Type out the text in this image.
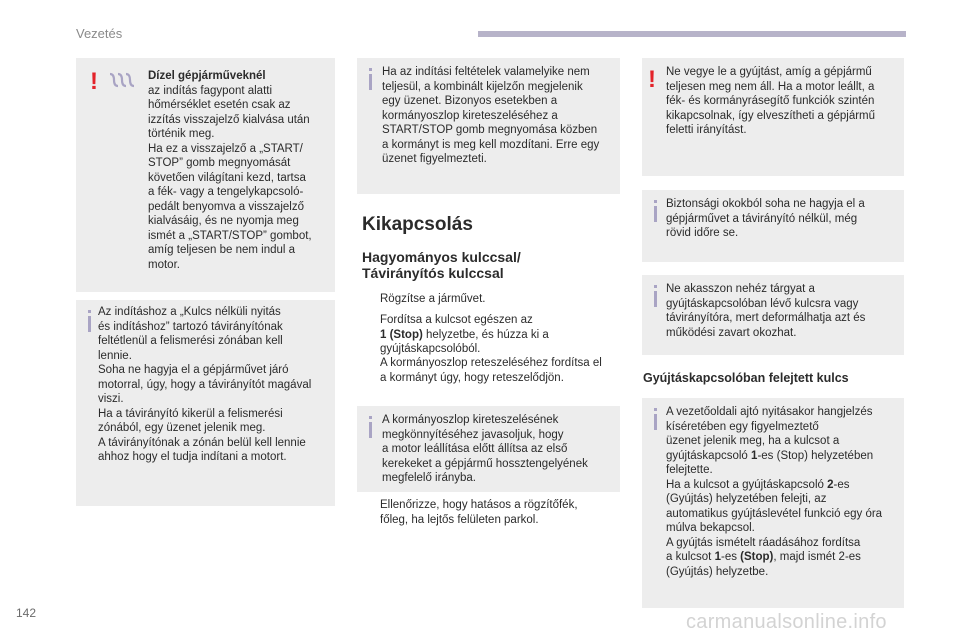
Vezetés
!	Dízel gépjárműveknél
az indítás fagypont alatti
hőmérséklet esetén csak az
izzítás visszajelző kialvása után
történik meg.
Ha ez a visszajelző a „START/
STOP” gomb megnyomását
követően világítani kezd, tartsa
a fék- vagy a tengelykapcsoló-
pedált benyomva a visszajelző
kialvásáig, és ne nyomja meg
ismét a „START/STOP” gombot,
amíg teljesen be nem indul a
motor.
Az indításhoz a „Kulcs nélküli nyitás
és indításhoz” tartozó távirányítónak
feltétlenül a felismerési zónában kell
lennie.
Soha ne hagyja el a gépjárművet járó
motorral, úgy, hogy a távirányítót magával
viszi.
Ha a távirányító kikerül a felismerési
zónából, egy üzenet jelenik meg.
A távirányítónak a zónán belül kell lennie
ahhoz hogy el tudja indítani a motort.
Ha az indítási feltételek valamelyike nem
teljesül, a kombinált kijelzőn megjelenik
egy üzenet. Bizonyos esetekben a
kormányoszlop kireteszeléséhez a
START/STOP gomb megnyomása közben
a kormányt is meg kell mozdítani. Erre egy
üzenet figyelmezteti.
Kikapcsolás
Hagyományos kulccsal/
Távirányítós kulccsal
Rögzítse a járművet.
Fordítsa a kulcsot egészen az
1 (Stop) helyzetbe, és húzza ki a
gyújtáskapcsolóból.
A kormányoszlop reteszeléséhez fordítsa el
a kormányt úgy, hogy reteszelődjön.
A kormányoszlop kireteszelésének
megkönnyítéséhez javasoljuk, hogy
a motor leállítása előtt állítsa az első
kerekeket a gépjármű hossztengelyének
megfelelő irányba.
Ellenőrizze, hogy hatásos a rögzítőfék,
főleg, ha lejtős felületen parkol.
! Ne vegye le a gyújtást, amíg a gépjármű
teljesen meg nem áll. Ha a motor leállt, a
fék- és kormányrásegítő funkciók szintén
kikapcsolnak, így elveszítheti a gépjármű
feletti irányítást.
Biztonsági okokból soha ne hagyja el a
gépjárművet a távirányító nélkül, még
rövid időre se.
Ne akasszon nehéz tárgyat a
gyújtáskapcsolóban lévő kulcsra vagy
távirányítóra, mert deformálhatja azt és
működési zavart okozhat.
Gyújtáskapcsolóban felejtett kulcs
A vezetőoldali ajtó nyitásakor hangjelzés
kíséretében egy figyelmeztető
üzenet jelenik meg, ha a kulcsot a
gyújtáskapcsoló 1-es (Stop) helyzetében
felejtette.
Ha a kulcsot a gyújtáskapcsoló 2-es
(Gyújtás) helyzetében felejti, az
automatikus gyújtáslevétel funkció egy óra
múlva bekapcsol.
A gyújtás ismételt ráadásához fordítsa
a kulcsot 1-es (Stop), majd ismét 2-es
(Gyújtás) helyzetbe.
142	carmanualsonline.info
